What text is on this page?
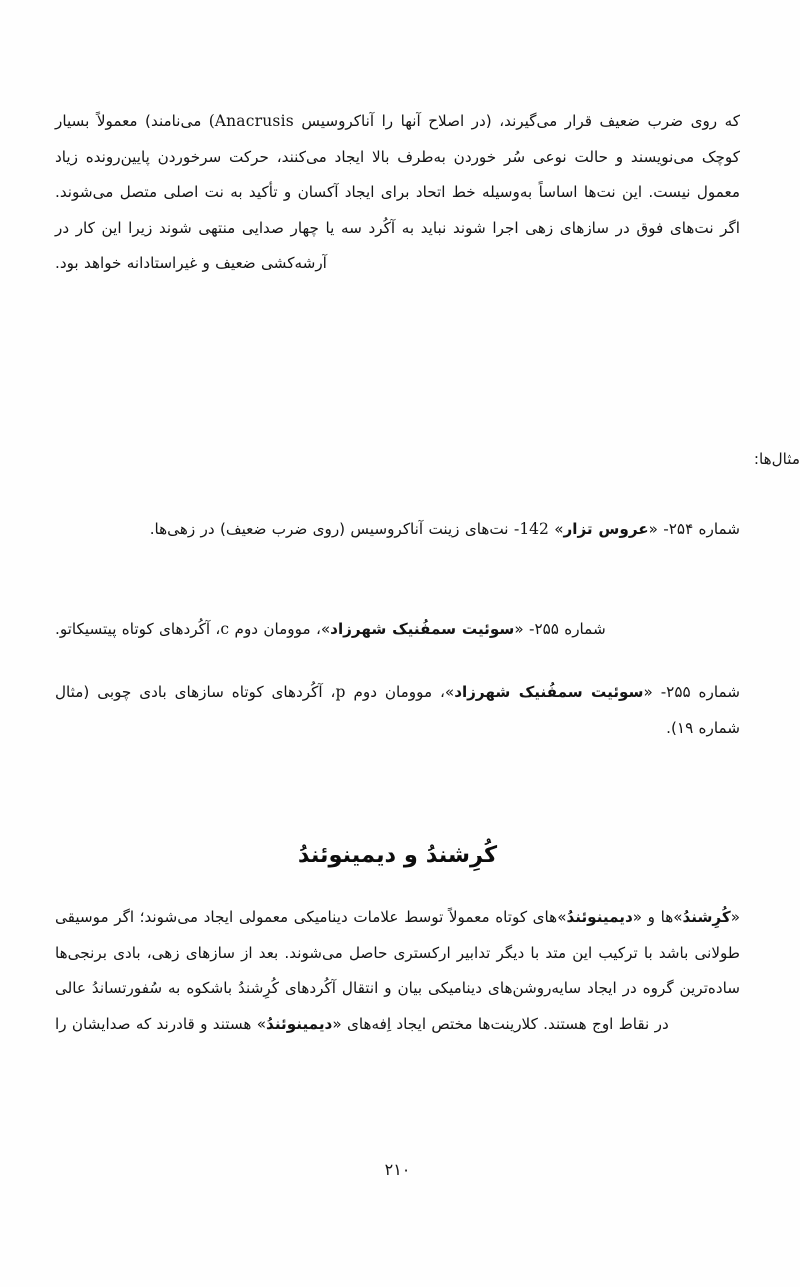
که روی ضرب ضعیف قرار می‌گیرند، (در اصلاح آنها را آناکروسیس (Anacrusis می‌نامند) معمولاً بسیار کوچک می‌نویسند و حالت نوعی سُر خوردن به‌طرف بالا ایجاد می‌کنند، حرکت سرخوردن پایین‌رونده زیاد معمول نیست. این نت‌ها اساساً به‌وسیله خط اتحاد برای ایجاد آکسان و تأکید به نت اصلی متصل می‌شوند. اگر نت‌های فوق در سازهای زهی اجرا شوند نباید به آکُرد سه یا چهار صدایی منتهی شوند زیرا این کار در آرشه‌کشی ضعیف و غیراستادانه خواهد بود.

مثال‌ها:

شماره ۲۵۴- «عروس تزار» 142- نت‌های زینت آناکروسیس (روی ضرب ضعیف) در زهی‌ها.

شماره ۲۵۵- «سوئیت سمفُنیک شهرزاد»، موومان دوم c، آکُردهای کوتاه پیتسیکاتو.

شماره ۲۵۵- «سوئیت سمفُنیک شهرزاد»، موومان دوم p، آکُردهای کوتاه سازهای بادی چوبی (مثال شماره ۱۹).

کُرِشندُ و دیمینوئندُ

«کُرِشندُ»ها و «دیمینوئندُ»های کوتاه معمولاً توسط علامات دینامیکی معمولی ایجاد می‌شوند؛ اگر موسیقی طولانی باشد با ترکیب این متد با دیگر تدابیر ارکستری حاصل می‌شوند. بعد از سازهای زهی، بادی برنجی‌ها ساده‌ترین گروه در ایجاد سایه‌روشن‌های دینامیکی بیان و انتقال آکُردهای کُرِشندُ باشکوه به سُفورتساندُ عالی در نقاط اوج هستند. کلارینت‌ها مختص ایجاد اِفه‌های «دیمینوئندُ» هستند و قادرند که صدایشان را

۲۱۰
